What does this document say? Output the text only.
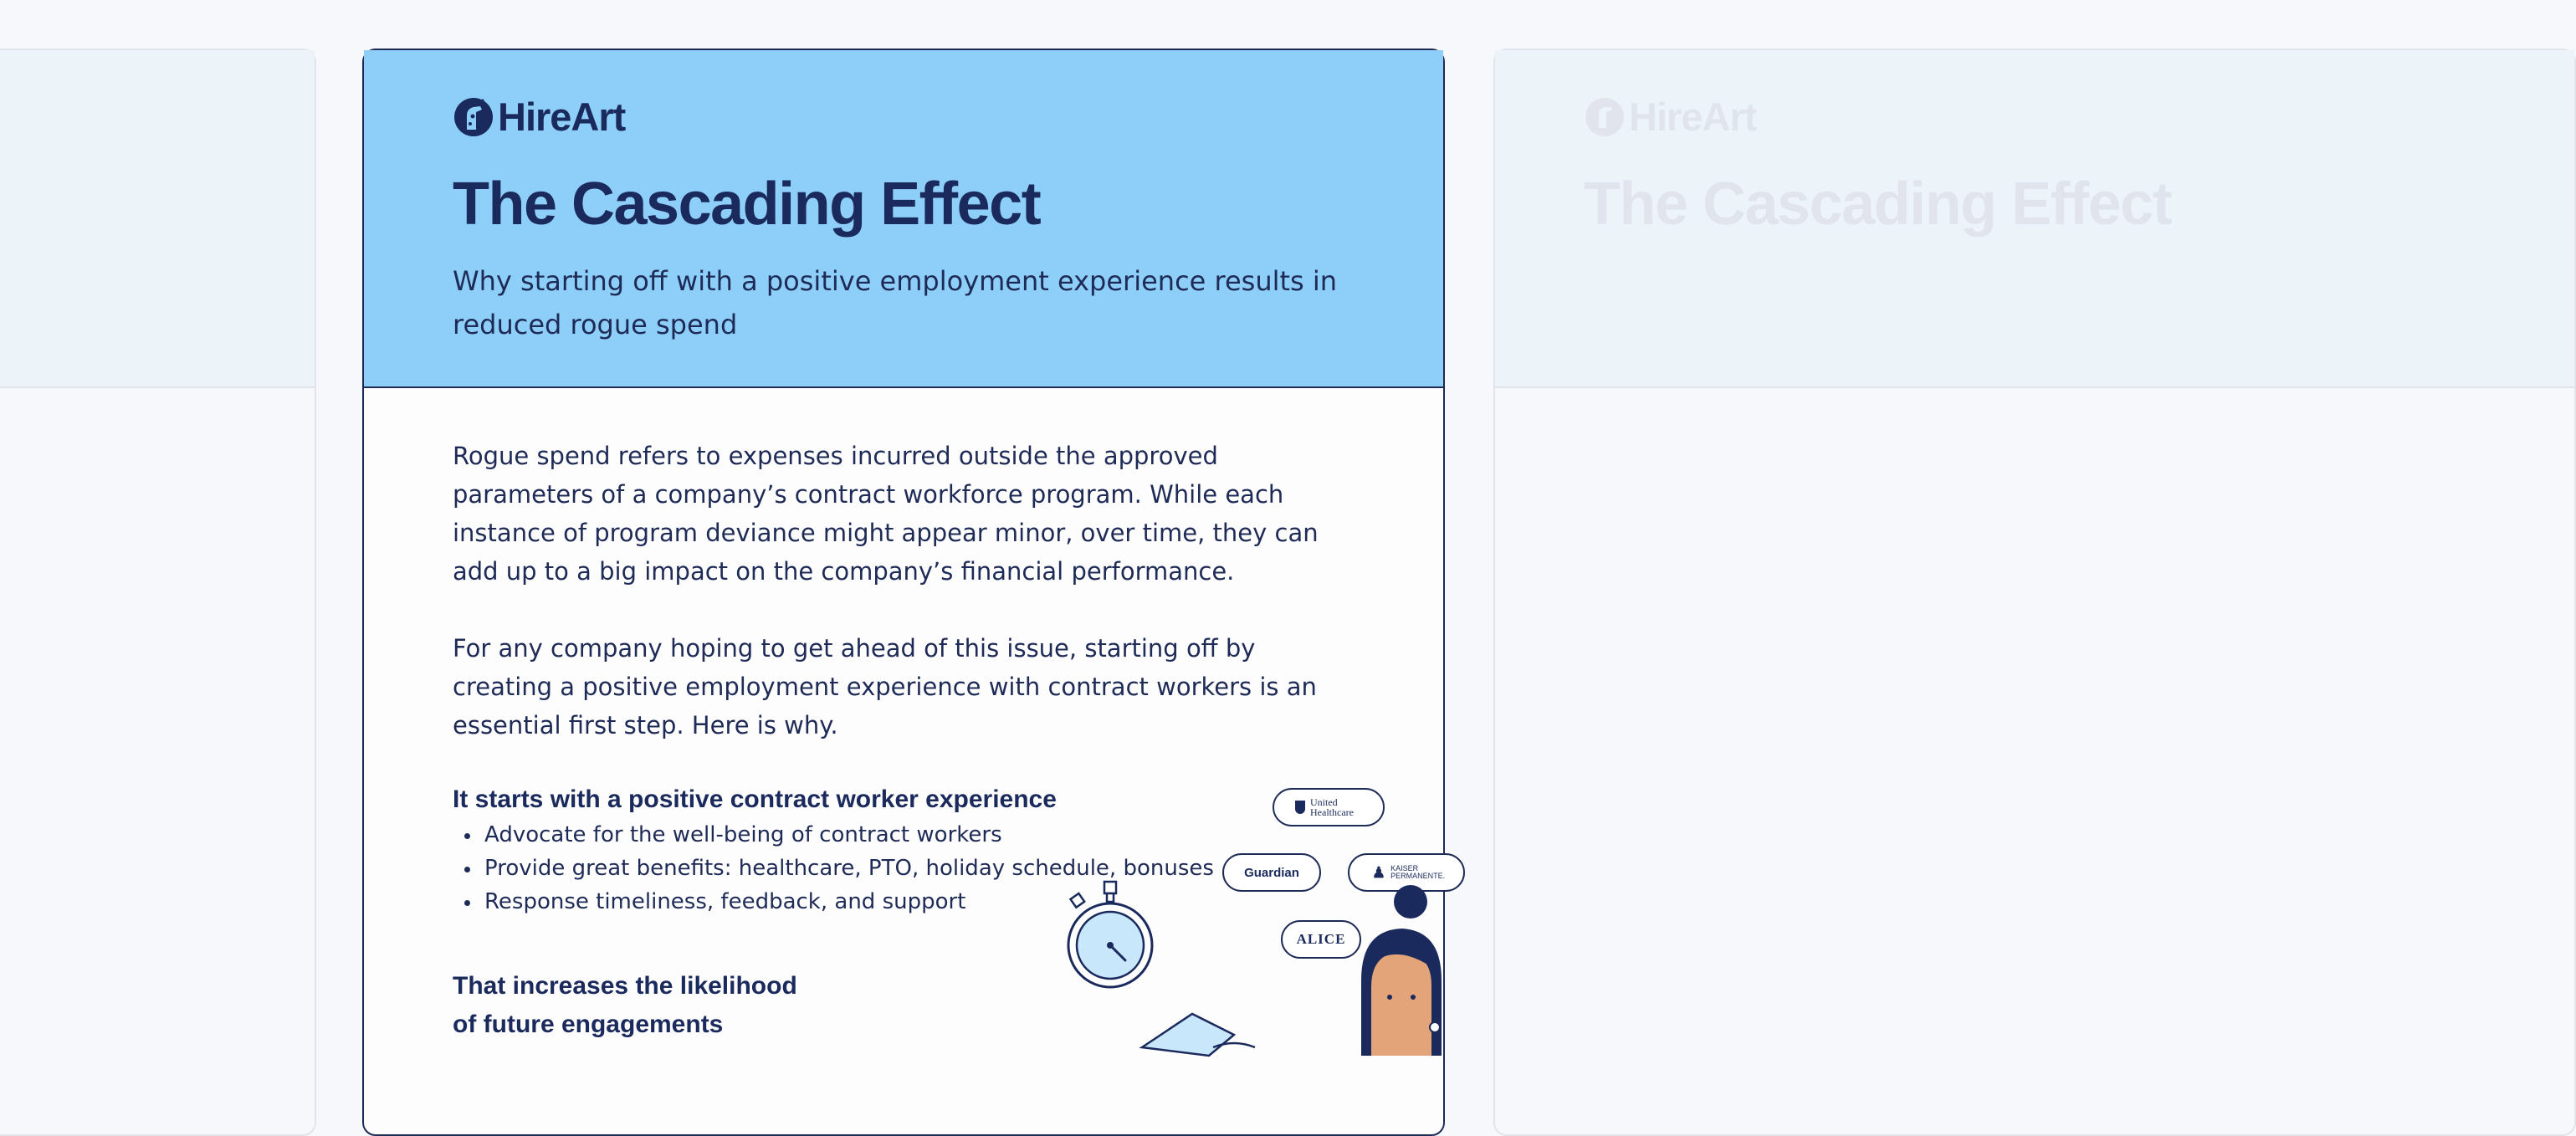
HireArt
The Cascading Effect
HireArt
The Cascading Effect

Why starting off with a positive employment experience results in reduced rogue spend

Rogue spend refers to expenses incurred outside the approved parameters of a company’s contract workforce program. While each instance of program deviance might appear minor, over time, they can add up to a big impact on the company’s financial performance.

For any company hoping to get ahead of this issue, starting off by creating a positive employment experience with contract workers is an essential first step. Here is why.

It starts with a positive contract worker experience
Advocate for the well-being of contract workers
Provide great benefits: healthcare, PTO, holiday schedule, bonuses
Response timeliness, feedback, and support
That increases the likelihood of future engagements
United Healthcare
Guardian	♟ KAISER PERMANENTE.
ALICE
